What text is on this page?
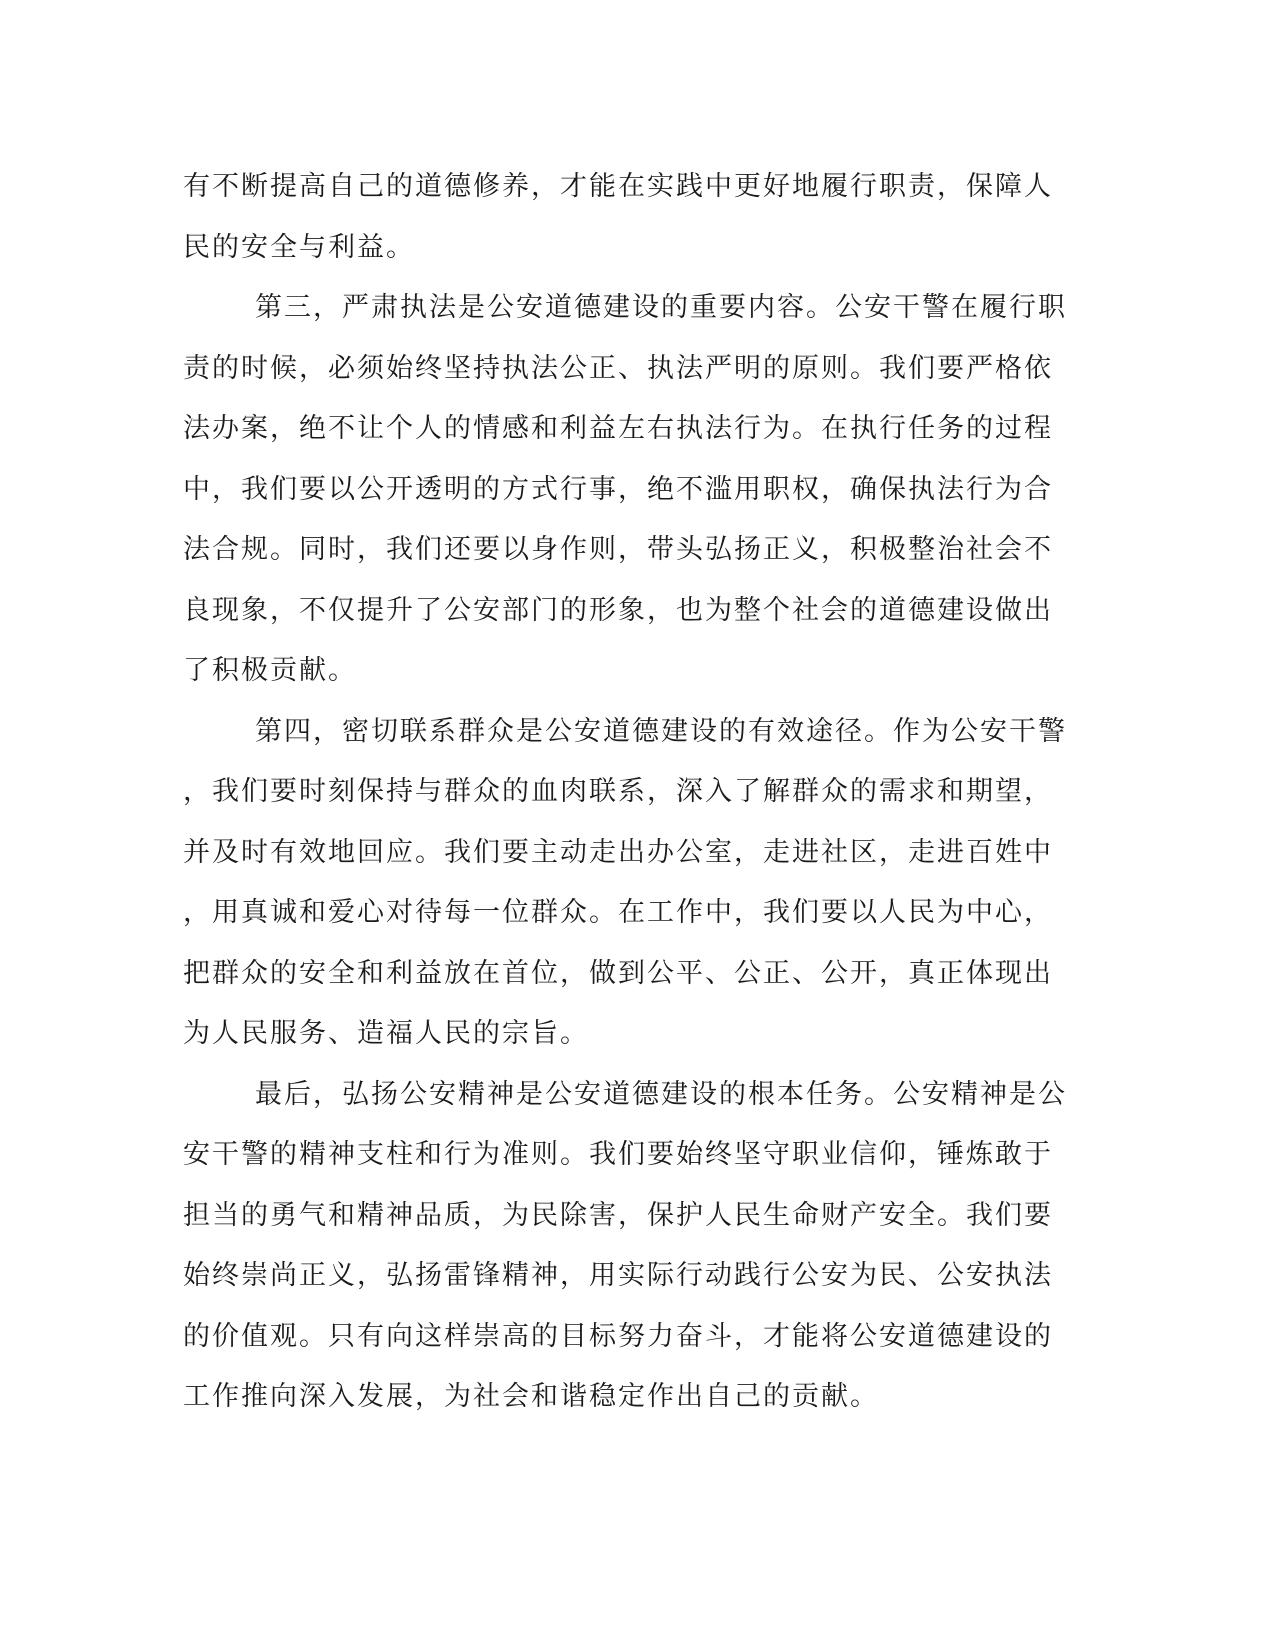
有不断提高自己的道德修养，才能在实践中更好地履行职责，保障人
民的安全与利益。
第三，严肃执法是公安道德建设的重要内容。公安干警在履行职
责的时候，必须始终坚持执法公正、执法严明的原则。我们要严格依
法办案，绝不让个人的情感和利益左右执法行为。在执行任务的过程
中，我们要以公开透明的方式行事，绝不滥用职权，确保执法行为合
法合规。同时，我们还要以身作则，带头弘扬正义，积极整治社会不
良现象，不仅提升了公安部门的形象，也为整个社会的道德建设做出
了积极贡献。
第四，密切联系群众是公安道德建设的有效途径。作为公安干警
，我们要时刻保持与群众的血肉联系，深入了解群众的需求和期望，
并及时有效地回应。我们要主动走出办公室，走进社区，走进百姓中
，用真诚和爱心对待每一位群众。在工作中，我们要以人民为中心，
把群众的安全和利益放在首位，做到公平、公正、公开，真正体现出
为人民服务、造福人民的宗旨。
最后，弘扬公安精神是公安道德建设的根本任务。公安精神是公
安干警的精神支柱和行为准则。我们要始终坚守职业信仰，锤炼敢于
担当的勇气和精神品质，为民除害，保护人民生命财产安全。我们要
始终崇尚正义，弘扬雷锋精神，用实际行动践行公安为民、公安执法
的价值观。只有向这样崇高的目标努力奋斗，才能将公安道德建设的
工作推向深入发展，为社会和谐稳定作出自己的贡献。
